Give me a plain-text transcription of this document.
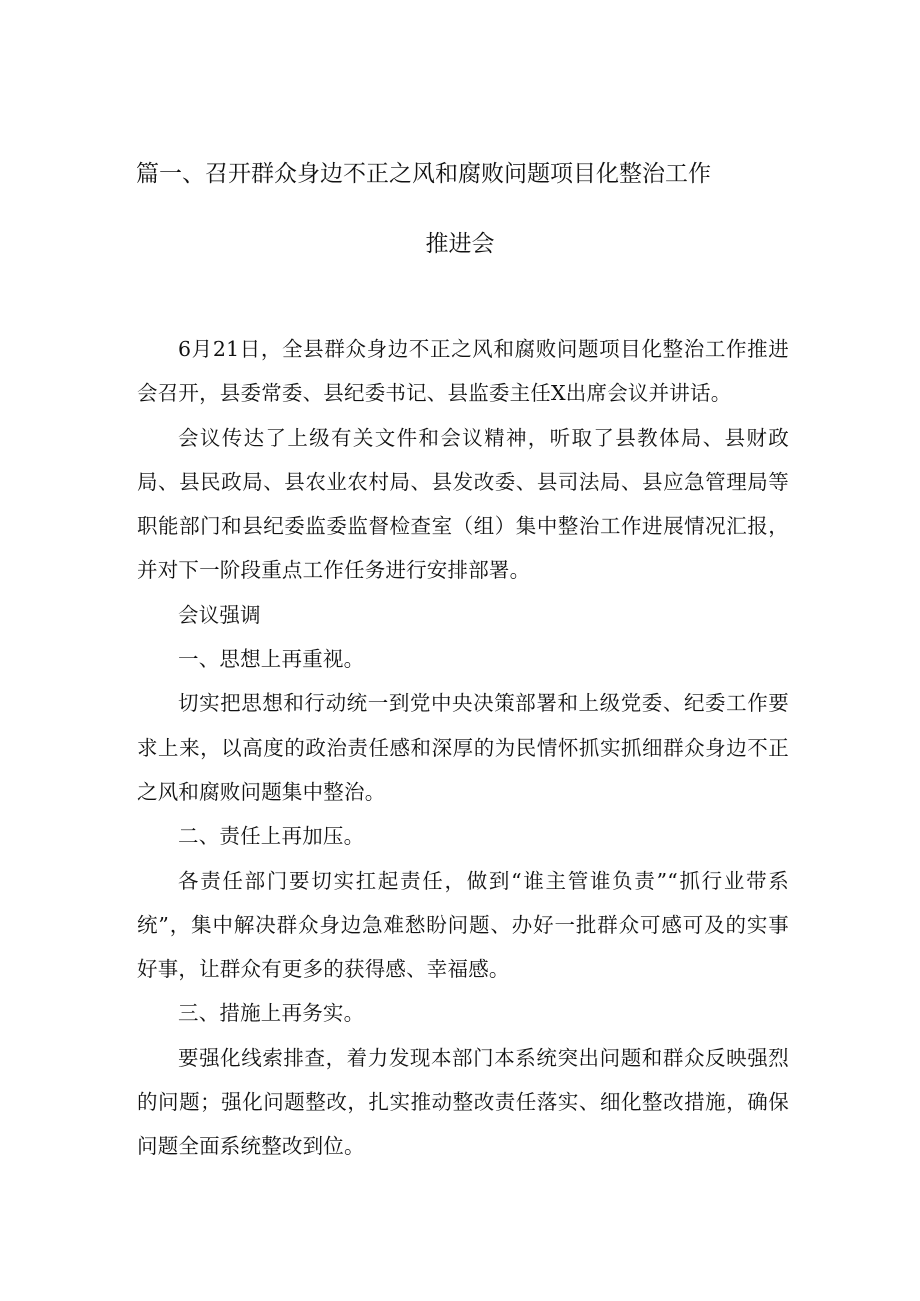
篇一、召开群众身边不正之风和腐败问题项目化整治工作
推进会

6月21日，全县群众身边不正之风和腐败问题项目化整治工作推进会召开，县委常委、县纪委书记、县监委主任X出席会议并讲话。

会议传达了上级有关文件和会议精神，听取了县教体局、县财政局、县民政局、县农业农村局、县发改委、县司法局、县应急管理局等职能部门和县纪委监委监督检查室（组）集中整治工作进展情况汇报，并对下一阶段重点工作任务进行安排部署。

会议强调

一、思想上再重视。

切实把思想和行动统一到党中央决策部署和上级党委、纪委工作要求上来，以高度的政治责任感和深厚的为民情怀抓实抓细群众身边不正之风和腐败问题集中整治。

二、责任上再加压。

各责任部门要切实扛起责任，做到“谁主管谁负责”“抓行业带系统”，集中解决群众身边急难愁盼问题、办好一批群众可感可及的实事好事，让群众有更多的获得感、幸福感。

三、措施上再务实。

要强化线索排查，着力发现本部门本系统突出问题和群众反映强烈的问题；强化问题整改，扎实推动整改责任落实、细化整改措施，确保问题全面系统整改到位。
